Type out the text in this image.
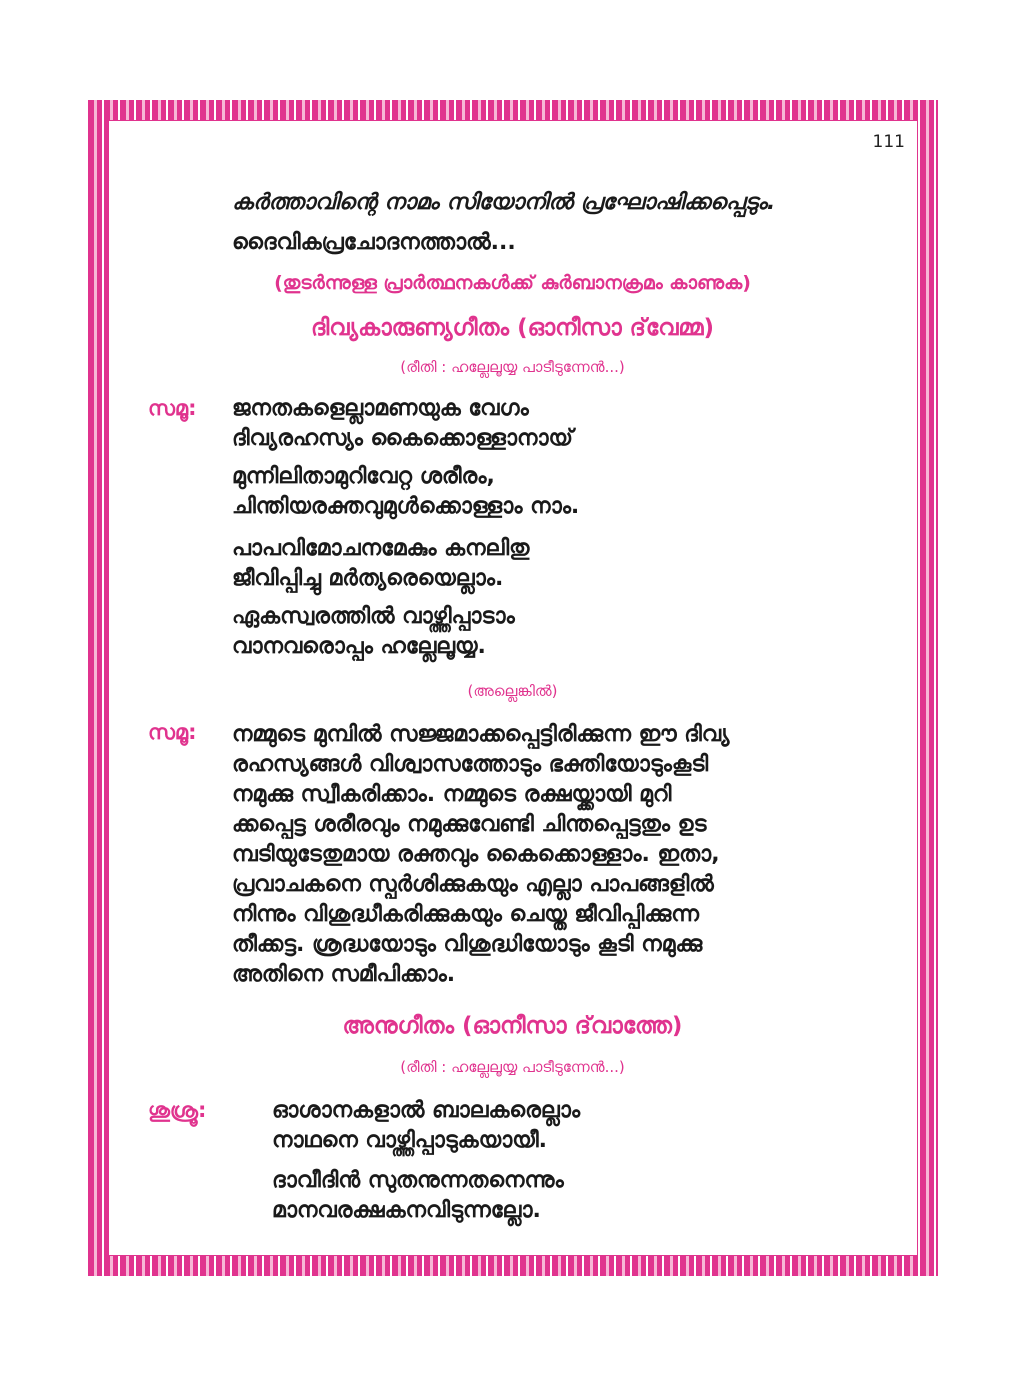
111
കർത്താവിന്റെ നാമം സിയോനിൽ പ്രഘോഷിക്കപ്പെടും.
ദൈവികപ്രചോദനത്താൽ...
(തുടർന്നുള്ള പ്രാർത്ഥനകൾക്ക് കുർബാനക്രമം കാണുക)
ദിവ്യകാരുണ്യഗീതം (ഓനീസാ ദ്‌വേമ്മ)
(രീതി : ഹല്ലേലൂയ്യ പാടീടുന്നേൻ...)
സമൂ: ജനതകളെല്ലാമണയുക വേഗം
ദിവ്യരഹസ്യം കൈക്കൊള്ളാനായ്
മുന്നിലിതാമുറിവേറ്റ ശരീരം,
ചിന്തിയരക്തവുമുൾക്കൊള്ളാം നാം.
പാപവിമോചനമേകും കനലിതു
ജീവിപ്പിച്ചു മർത്യരെയെല്ലാം.
ഏകസ്വരത്തിൽ വാഴ്ത്തിപ്പാടാം
വാനവരൊപ്പം ഹല്ലേലൂയ്യ.
(അല്ലെങ്കിൽ)
സമൂ: നമ്മുടെ മുമ്പിൽ സജ്ജമാക്കപ്പെട്ടിരിക്കുന്ന ഈ ദിവ്യ
രഹസ്യങ്ങൾ വിശ്വാസത്തോടും ഭക്തിയോടുംകൂടി
നമുക്കു സ്വീകരിക്കാം. നമ്മുടെ രക്ഷയ്ക്കായി മുറി
ക്കപ്പെട്ട ശരീരവും നമുക്കുവേണ്ടി ചിന്തപ്പെട്ടതും ഉട
മ്പടിയുടേതുമായ രക്തവും കൈക്കൊള്ളാം. ഇതാ,
പ്രവാചകനെ സ്പർശിക്കുകയും എല്ലാ പാപങ്ങളിൽ
നിന്നും വിശുദ്ധീകരിക്കുകയും ചെയ്ത ജീവിപ്പിക്കുന്ന
തീക്കട്ട. ശ്രദ്ധയോടും വിശുദ്ധിയോടും കൂടി നമുക്കു
അതിനെ സമീപിക്കാം.
അനുഗീതം (ഓനീസാ ദ്‌വാത്തേ)
(രീതി : ഹല്ലേലൂയ്യ പാടീടുന്നേൻ...)
ശുശ്രൂ:	ഓശാനകളാൽ ബാലകരെല്ലാം
നാഥനെ വാഴ്ത്തിപ്പാടുകയായീ.
ദാവീദിൻ സുതനുന്നതനെന്നും
മാനവരക്ഷകനവിടുന്നല്ലോ.
